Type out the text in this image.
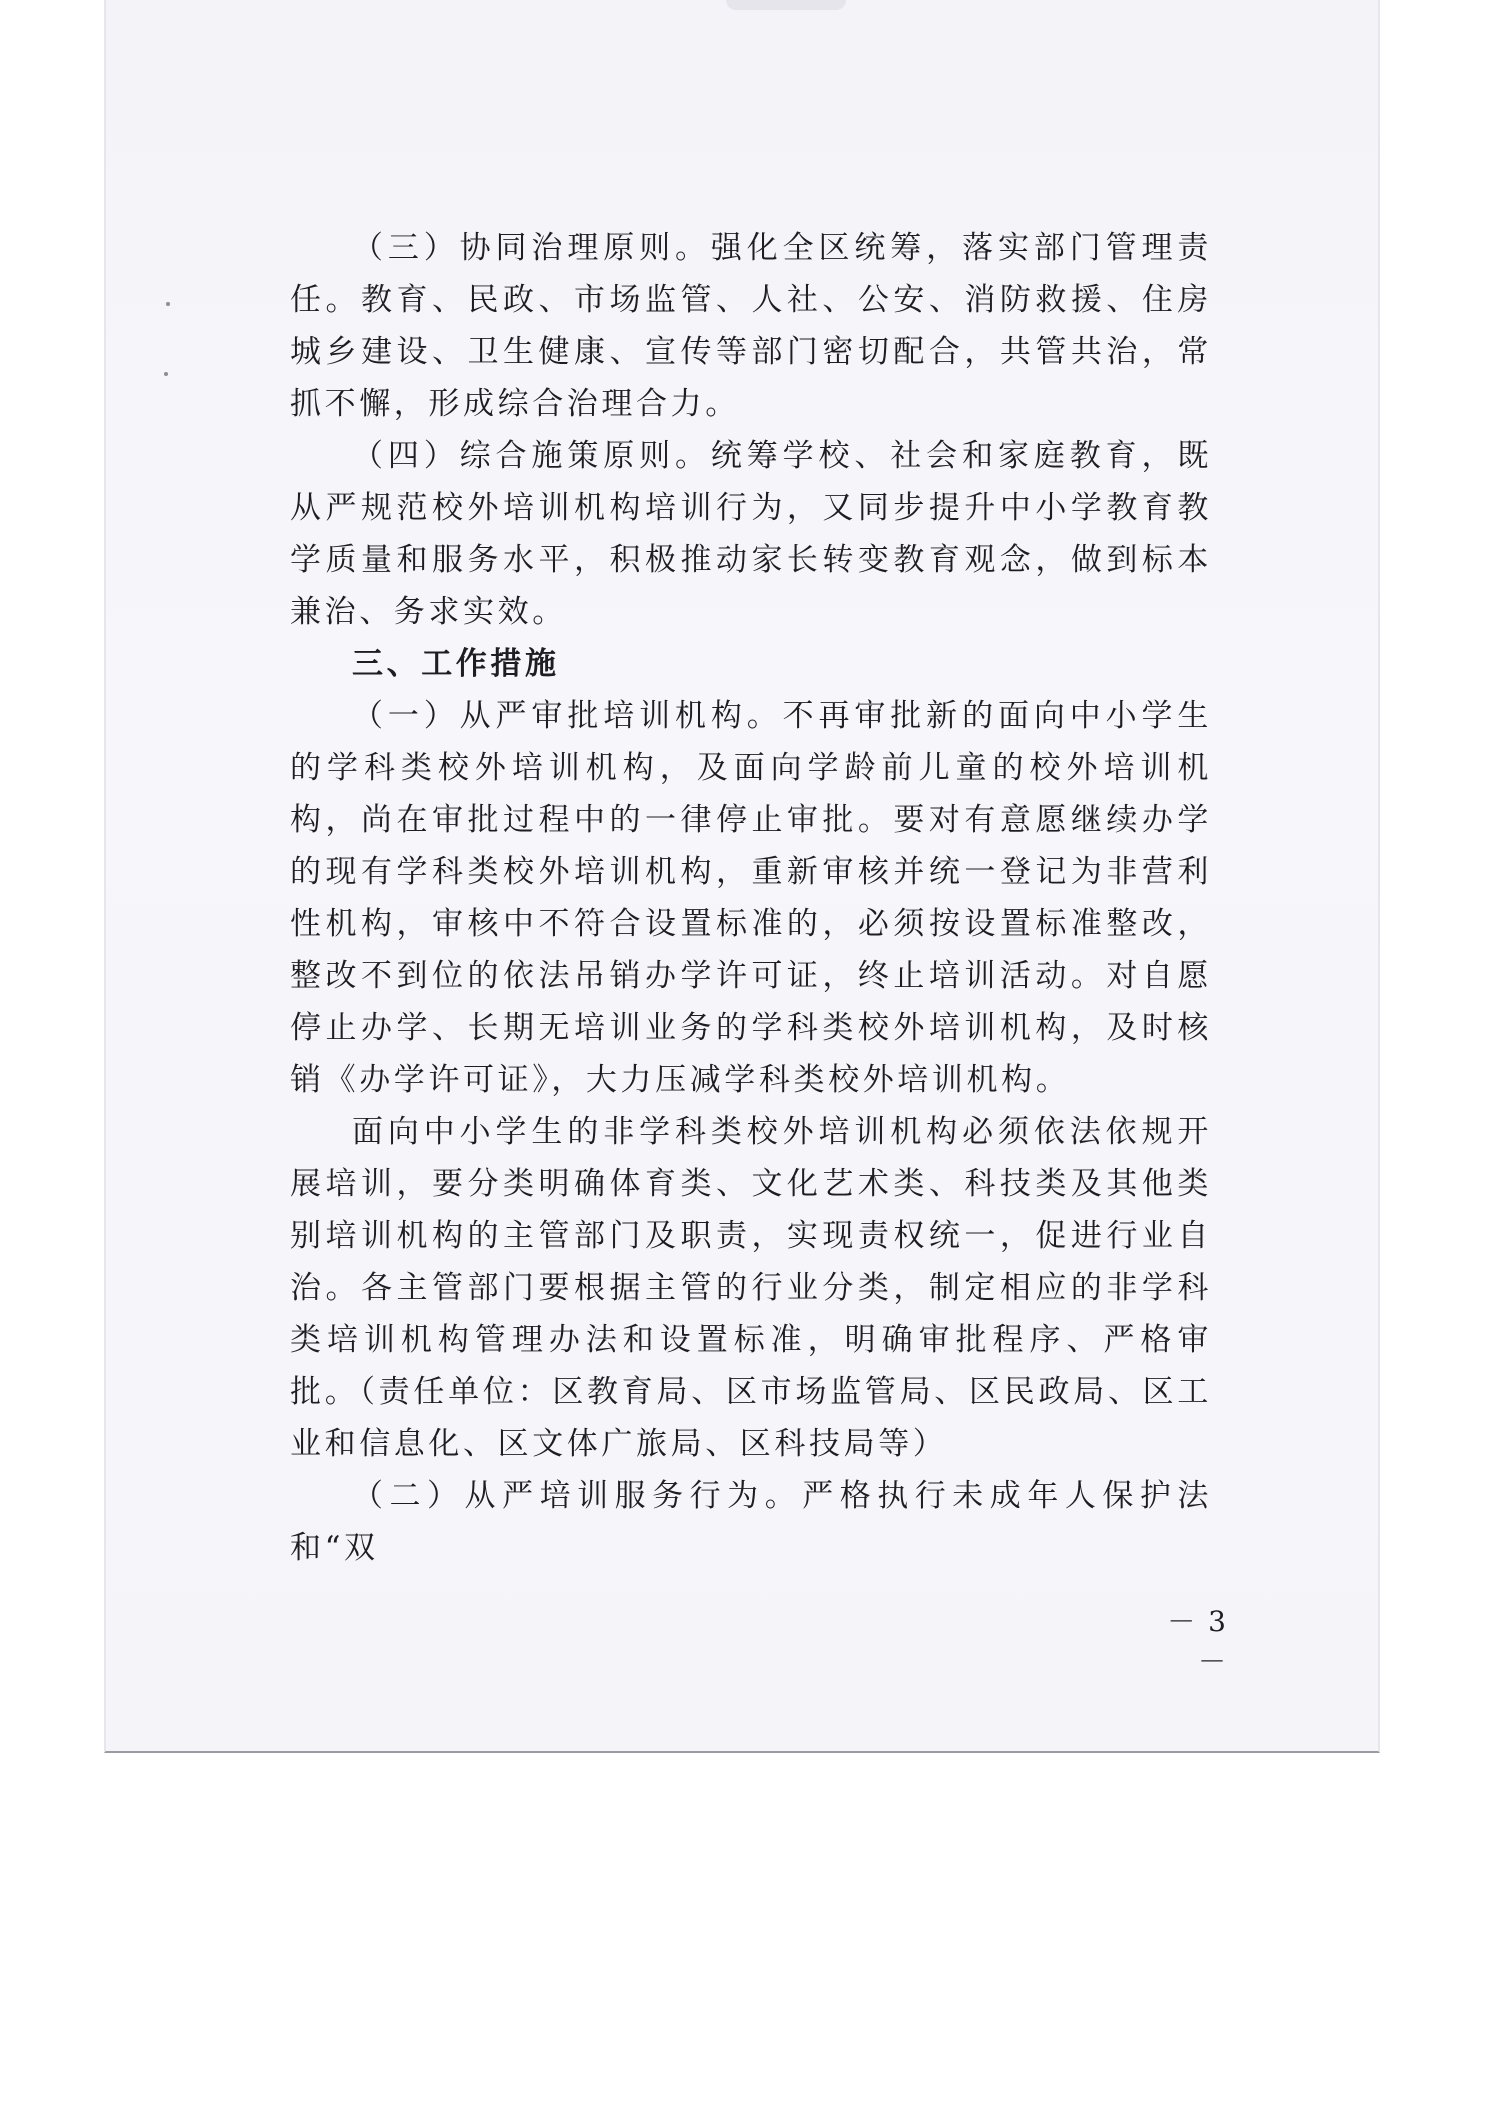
（三）协同治理原则。强化全区统筹，落实部门管理责任。教育、民政、市场监管、人社、公安、消防救援、住房城乡建设、卫生健康、宣传等部门密切配合，共管共治，常抓不懈，形成综合治理合力。

（四）综合施策原则。统筹学校、社会和家庭教育，既从严规范校外培训机构培训行为，又同步提升中小学教育教学质量和服务水平，积极推动家长转变教育观念，做到标本兼治、务求实效。

三、工作措施

（一）从严审批培训机构。不再审批新的面向中小学生的学科类校外培训机构，及面向学龄前儿童的校外培训机构，尚在审批过程中的一律停止审批。要对有意愿继续办学的现有学科类校外培训机构，重新审核并统一登记为非营利性机构，审核中不符合设置标准的，必须按设置标准整改，整改不到位的依法吊销办学许可证，终止培训活动。对自愿停止办学、长期无培训业务的学科类校外培训机构，及时核销《办学许可证》，大力压减学科类校外培训机构。

面向中小学生的非学科类校外培训机构必须依法依规开展培训，要分类明确体育类、文化艺术类、科技类及其他类别培训机构的主管部门及职责，实现责权统一，促进行业自治。各主管部门要根据主管的行业分类，制定相应的非学科类培训机构管理办法和设置标准，明确审批程序、严格审批。（责任单位：区教育局、区市场监管局、区民政局、区工业和信息化、区文体广旅局、区科技局等）

（二）从严培训服务行为。严格执行未成年人保护法和“双

－ 3 －
